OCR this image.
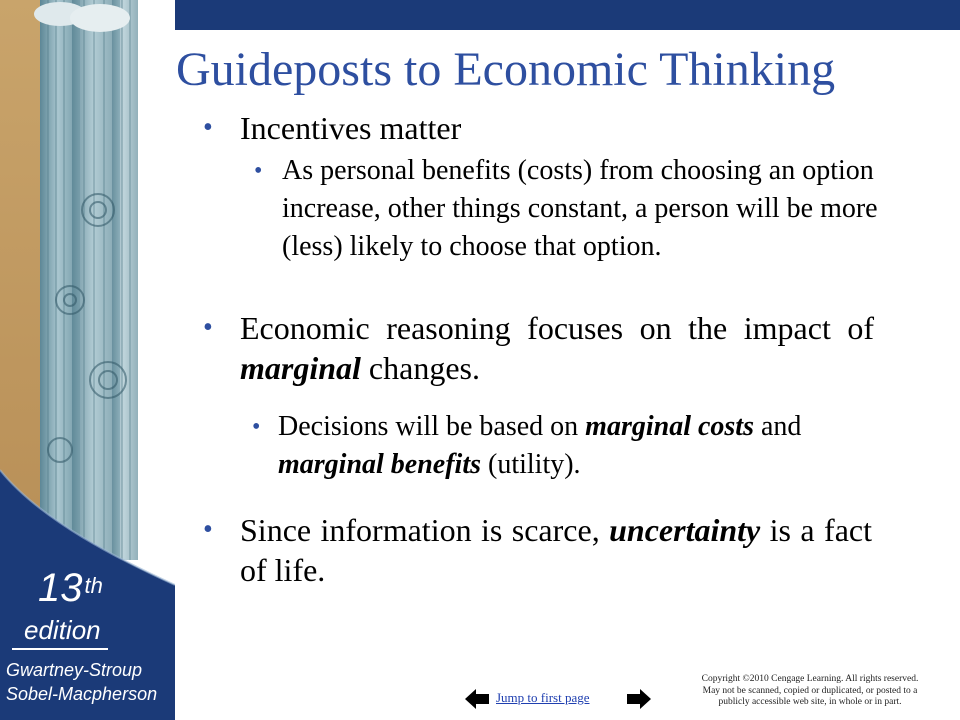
13th
edition
Gwartney-Stroup
Sobel-Macpherson
Guideposts to Economic Thinking
• Incentives matter
• As personal benefits (costs) from choosing an option increase, other things constant, a person will be more (less) likely to choose that option.
• Economic reasoning focuses on the impact of marginal changes.
• Decisions will be based on marginal costs and marginal benefits (utility).
• Since information is scarce, uncertainty is a fact of life.
Jump to first page
Copyright ©2010 Cengage Learning. All rights reserved.
May not be scanned, copied or duplicated, or posted to a
publicly accessible web site, in whole or in part.
